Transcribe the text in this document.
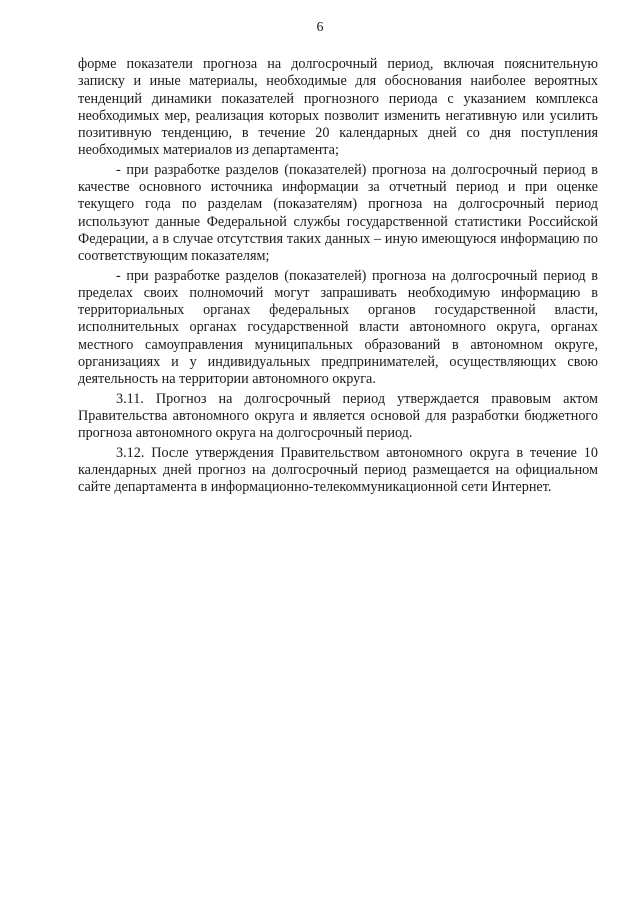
6

форме показатели прогноза на долгосрочный период, включая пояснительную записку и иные материалы, необходимые для обоснования наиболее вероятных тенденций динамики показателей прогнозного периода с указанием комплекса необходимых мер, реализация которых позволит изменить негативную или усилить позитивную тенденцию, в течение 20 календарных дней со дня поступления необходимых материалов из департамента;

- при разработке разделов (показателей) прогноза на долгосрочный период в качестве основного источника информации за отчетный период и при оценке текущего года по разделам (показателям) прогноза на долгосрочный период используют данные Федеральной службы государственной статистики Российской Федерации, а в случае отсутствия таких данных – иную имеющуюся информацию по соответствующим показателям;

- при разработке разделов (показателей) прогноза на долгосрочный период в пределах своих полномочий могут запрашивать необходимую информацию в территориальных органах федеральных органов государственной власти, исполнительных органах государственной власти автономного округа, органах местного самоуправления муниципальных образований в автономном округе, организациях и у индивидуальных предпринимателей, осуществляющих свою деятельность на территории автономного округа.

3.11. Прогноз на долгосрочный период утверждается правовым актом Правительства автономного округа и является основой для разработки бюджетного прогноза автономного округа на долгосрочный период.

3.12. После утверждения Правительством автономного округа в течение 10 календарных дней прогноз на долгосрочный период размещается на официальном сайте департамента в информационно-телекоммуникационной сети Интернет.
